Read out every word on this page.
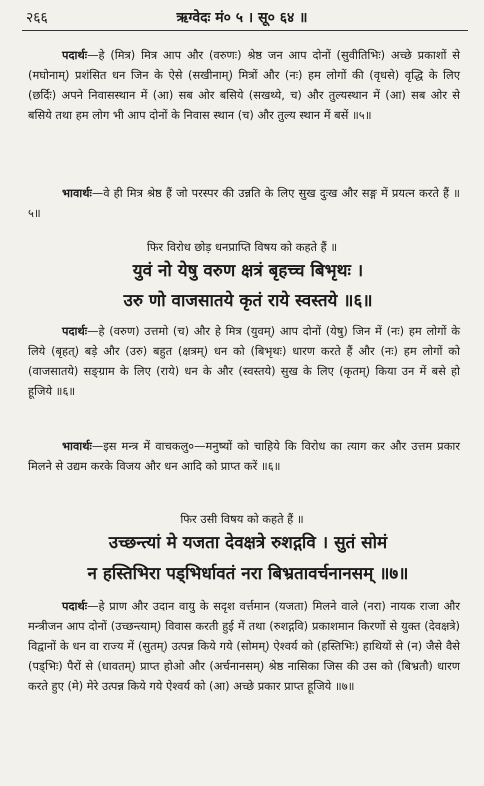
२६६	ऋग्वेदः मं० ५ । सू० ६४ ॥
पदार्थः—हे (मित्र) मित्र आप और (वरुणः) श्रेष्ठ जन आप दोनों (सुवीतिभिः) अच्छे प्रकाशों से (मघोनाम्) प्रशंसित धन जिन के ऐसे (सखीनाम्) मित्रों और (नः) हम लोगों की (वृधसे) वृद्धि के लिए (छर्दिः) अपने निवासस्थान में (आ) सब ओर बसिये (सखथ्ये, च) और तुल्यस्थान में (आ) सब ओर से बसिये तथा हम लोग भी आप दोनों के निवास स्थान (च) और तुल्य स्थान में बसें ॥५॥
भावार्थः—वे ही मित्र श्रेष्ठ हैं जो परस्पर की उन्नति के लिए सुख दुःख और सङ्ग में प्रयत्न करते हैं ॥५॥
फिर विरोध छोड़ धनप्राप्ति विषय को कहते हैं ॥
युवं नो येषु वरुण क्षत्रं बृहच्च बिभृथः ।
उरु णो वाजसातये कृतं राये स्वस्तये ॥६॥
पदार्थः—हे (वरुण) उत्तमो (च) और हे मित्र (युवम्) आप दोनों (येषु) जिन में (नः) हम लोगों के लिये (बृहत्) बड़े और (उरु) बहुत (क्षत्रम्) धन को (बिभृथः) धारण करते हैं और (नः) हम लोगों को (वाजसातये) सङ्ग्राम के लिए (राये) धन के और (स्वस्तये) सुख के लिए (कृतम्) किया उन में बसे हो हूजिये ॥६॥
भावार्थः—इस मन्त्र में वाचकलु०—मनुष्यों को चाहिये कि विरोध का त्याग कर और उत्तम प्रकार मिलने से उद्यम करके विजय और धन आदि को प्राप्त करें ॥६॥
फिर उसी विषय को कहते हैं ॥
उच्छन्त्यां मे यजता देवक्षत्रे रुशद्गवि । सुतं सोमं
न हस्तिभिरा पड्भिर्धावतं नरा बिभ्रतावर्चनानसम् ॥७॥
पदार्थः—हे प्राण और उदान वायु के सदृश वर्त्तमान (यजता) मिलने वाले (नरा) नायक राजा और मन्त्रीजन आप दोनों (उच्छन्त्याम्) विवास करती हुई में तथा (रुशद्गवि) प्रकाशमान किरणों से युक्त (देवक्षत्रे) विद्वानों के धन वा राज्य में (सुतम्) उत्पन्न किये गये (सोमम्) ऐश्वर्य को (हस्तिभिः) हाथियों से (न) जैसे वैसे (पड्भिः) पैरों से (धावतम्) प्राप्त होओ और (अर्चनानसम्) श्रेष्ठ नासिका जिस की उस को (बिभ्रतौ) धारण करते हुए (मे) मेरे उत्पन्न किये गये ऐश्वर्य को (आ) अच्छे प्रकार प्राप्त हूजिये ॥७॥
